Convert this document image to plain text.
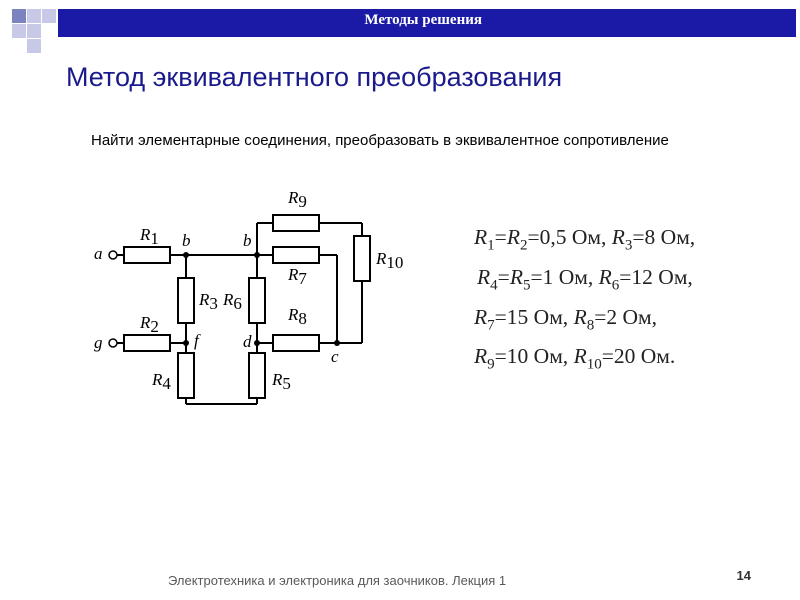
Методы решения
Метод эквивалентного преобразования
Найти элементарные соединения, преобразовать в эквивалентное сопротивление
a
g
b	b
f	d
c
R1
R2
R3
R4	R5
R6
R7
R8
R9
R10
$R_1=R_2=0,5$ Ом, $R_3=8$ Ом,
$R_4=R_5=1$ Ом, $R_6=12$ Ом,
$R_7=15$ Ом, $R_8=2$ Ом,
$R_9=10$ Ом, $R_{10}=20$ Ом.
Электротехника и электроника для заочников. Лекция 1	14
